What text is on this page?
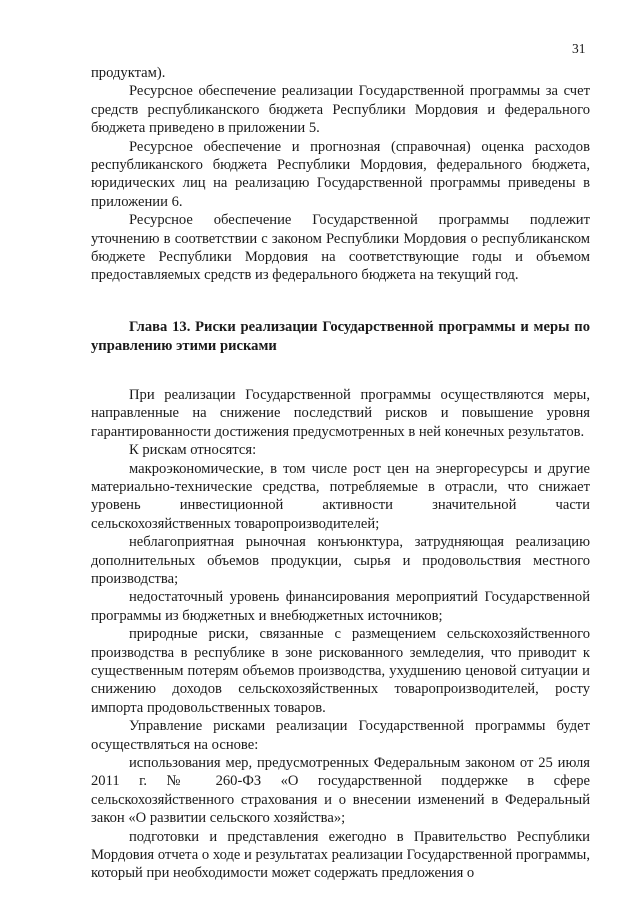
31

продуктам).

Ресурсное обеспечение реализации Государственной программы за счет средств республиканского бюджета Республики Мордовия и федерального бюджета приведено в приложении 5.

Ресурсное обеспечение и прогнозная (справочная) оценка расходов республиканского бюджета Республики Мордовия, федерального бюджета, юридических лиц на реализацию Государственной программы приведены в приложении 6.

Ресурсное обеспечение Государственной программы подлежит уточнению в соответствии с законом Республики Мордовия о республиканском бюджете Республики Мордовия на соответствующие годы и объемом предоставляемых средств из федерального бюджета на текущий год.

Глава 13. Риски реализации Государственной программы и меры по управлению этими рисками

При реализации Государственной программы осуществляются меры, направленные на снижение последствий рисков и повышение уровня гарантированности достижения предусмотренных в ней конечных результатов.

К рискам относятся:

макроэкономические, в том числе рост цен на энергоресурсы и другие материально-технические средства, потребляемые в отрасли, что снижает уровень инвестиционной активности значительной части сельскохозяйственных товаропроизводителей;

неблагоприятная рыночная конъюнктура, затрудняющая реализацию дополнительных объемов продукции, сырья и продовольствия местного производства;

недостаточный уровень финансирования мероприятий Государственной программы из бюджетных и внебюджетных источников;

природные риски, связанные с размещением сельскохозяйственного производства в республике в зоне рискованного земледелия, что приводит к существенным потерям объемов производства, ухудшению ценовой ситуации и снижению доходов сельскохозяйственных товаропроизводителей, росту импорта продовольственных товаров.

Управление рисками реализации Государственной программы будет осуществляться на основе:

использования мер, предусмотренных Федеральным законом от 25 июля 2011 г. № 260-ФЗ «О государственной поддержке в сфере сельскохозяйственного страхования и о внесении изменений в Федеральный закон «О развитии сельского хозяйства»;

подготовки и представления ежегодно в Правительство Республики Мордовия отчета о ходе и результатах реализации Государственной программы, который при необходимости может содержать предложения о
